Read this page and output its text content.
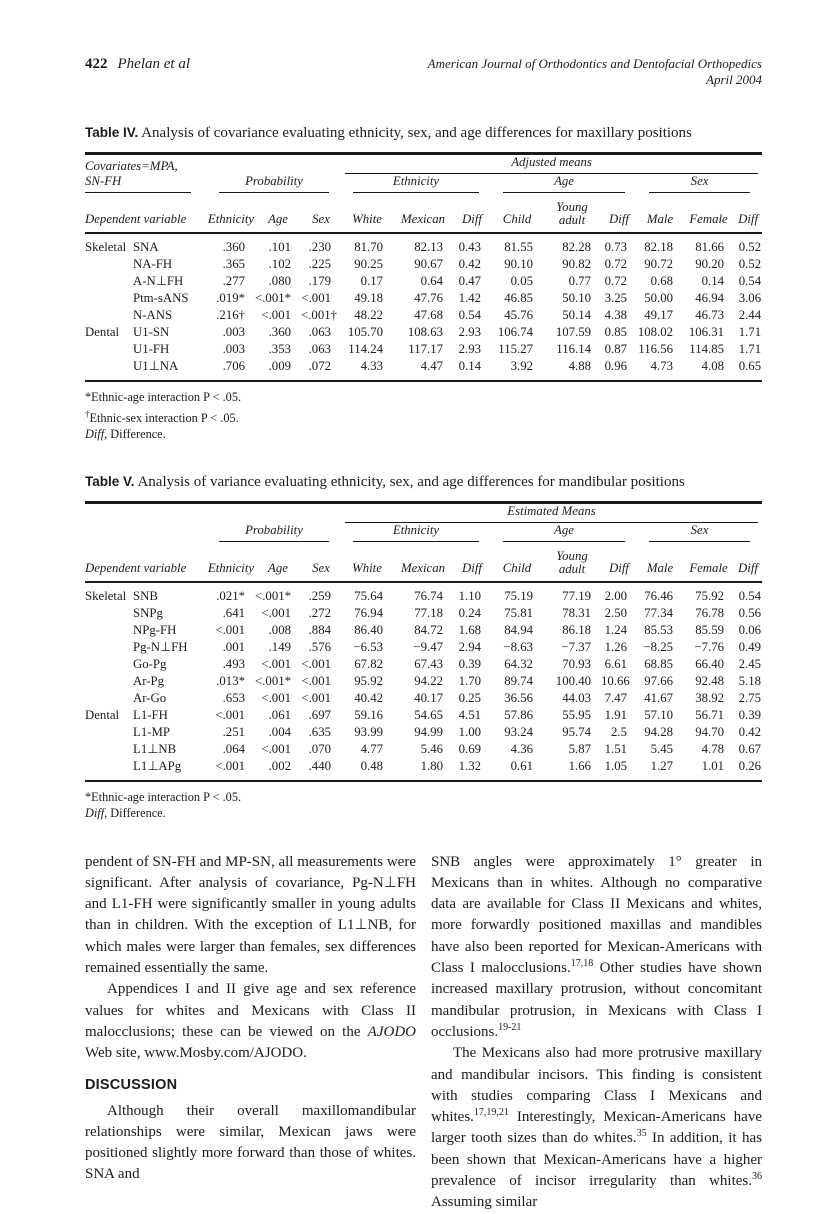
422 Phelan et al	American Journal of Orthodontics and Dentofacial Orthopedics
April 2004
Table IV. Analysis of covariance evaluating ethnicity, sex, and age differences for maxillary positions
Covariates=MPA,
SN-FH					Adjusted means								

		Probability			Ethnicity			Age			Sex		

Dependent variable		Ethnicity	Age	Sex	White	Mexican	Diff	Child	Young adult	Diff	Male	Female	Diff
Skeletal	SNA	.360	.101	.230	81.70	82.13	0.43	81.55	82.28	0.73	82.18	81.66	0.52
	NA-FH	.365	.102	.225	90.25	90.67	0.42	90.10	90.82	0.72	90.72	90.20	0.52
	A-N⊥FH	.277	.080	.179	0.17	0.64	0.47	0.05	0.77	0.72	0.68	0.14	0.54
	Ptm-sANS	.019*	<.001*	<.001	49.18	47.76	1.42	46.85	50.10	3.25	50.00	46.94	3.06
	N-ANS	.216†	<.001	<.001†	48.22	47.68	0.54	45.76	50.14	4.38	49.17	46.73	2.44
Dental	U1-SN	.003	.360	.063	105.70	108.63	2.93	106.74	107.59	0.85	108.02	106.31	1.71
	U1-FH	.003	.353	.063	114.24	117.17	2.93	115.27	116.14	0.87	116.56	114.85	1.71
	U1⊥NA	.706	.009	.072	4.33	4.47	0.14	3.92	4.88	0.96	4.73	4.08	0.65
*Ethnic-age interaction P < .05.
†Ethnic-sex interaction P < .05.
Diff, Difference.
Table V. Analysis of variance evaluating ethnicity, sex, and age differences for mandibular positions

					Estimated Means								

		Probability			Ethnicity			Age			Sex		

Dependent variable		Ethnicity	Age	Sex	White	Mexican	Diff	Child	Young adult	Diff	Male	Female	Diff
Skeletal	SNB	.021*	<.001*	.259	75.64	76.74	1.10	75.19	77.19	2.00	76.46	75.92	0.54
	SNPg	.641	<.001	.272	76.94	77.18	0.24	75.81	78.31	2.50	77.34	76.78	0.56
	NPg-FH	<.001	.008	.884	86.40	84.72	1.68	84.94	86.18	1.24	85.53	85.59	0.06
	Pg-N⊥FH	.001	.149	.576	−6.53	−9.47	2.94	−8.63	−7.37	1.26	−8.25	−7.76	0.49
	Go-Pg	.493	<.001	<.001	67.82	67.43	0.39	64.32	70.93	6.61	68.85	66.40	2.45
	Ar-Pg	.013*	<.001*	<.001	95.92	94.22	1.70	89.74	100.40	10.66	97.66	92.48	5.18
	Ar-Go	.653	<.001	<.001	40.42	40.17	0.25	36.56	44.03	7.47	41.67	38.92	2.75
Dental	L1-FH	<.001	.061	.697	59.16	54.65	4.51	57.86	55.95	1.91	57.10	56.71	0.39
	L1-MP	.251	.004	.635	93.99	94.99	1.00	93.24	95.74	2.5	94.28	94.70	0.42
	L1⊥NB	.064	<.001	.070	4.77	5.46	0.69	4.36	5.87	1.51	5.45	4.78	0.67
	L1⊥APg	<.001	.002	.440	0.48	1.80	1.32	0.61	1.66	1.05	1.27	1.01	0.26
*Ethnic-age interaction P < .05.
Diff, Difference.

pendent of SN-FH and MP-SN, all measurements were significant. After analysis of covariance, Pg-N⊥FH and L1-FH were significantly smaller in young adults than in children. With the exception of L1⊥NB, for which males were larger than females, sex differences remained essentially the same.

Appendices I and II give age and sex reference values for whites and Mexicans with Class II malocclusions; these can be viewed on the AJODO Web site, www.Mosby.com/AJODO.

DISCUSSION

Although their overall maxillomandibular relationships were similar, Mexican jaws were positioned slightly more forward than those of whites. SNA and

SNB angles were approximately 1° greater in Mexicans than in whites. Although no comparative data are available for Class II Mexicans and whites, more forwardly positioned maxillas and mandibles have also been reported for Mexican-Americans with Class I malocclusions.$^{17,18}$ Other studies have shown increased maxillary protrusion, without concomitant mandibular protrusion, in Mexicans with Class I occlusions.$^{19-21}$

The Mexicans also had more protrusive maxillary and mandibular incisors. This finding is consistent with studies comparing Class I Mexicans and whites.$^{17,19,21}$ Interestingly, Mexican-Americans have larger tooth sizes than do whites.$^{35}$ In addition, it has been shown that Mexican-Americans have a higher prevalence of incisor irregularity than whites.$^{36}$ Assuming similar
